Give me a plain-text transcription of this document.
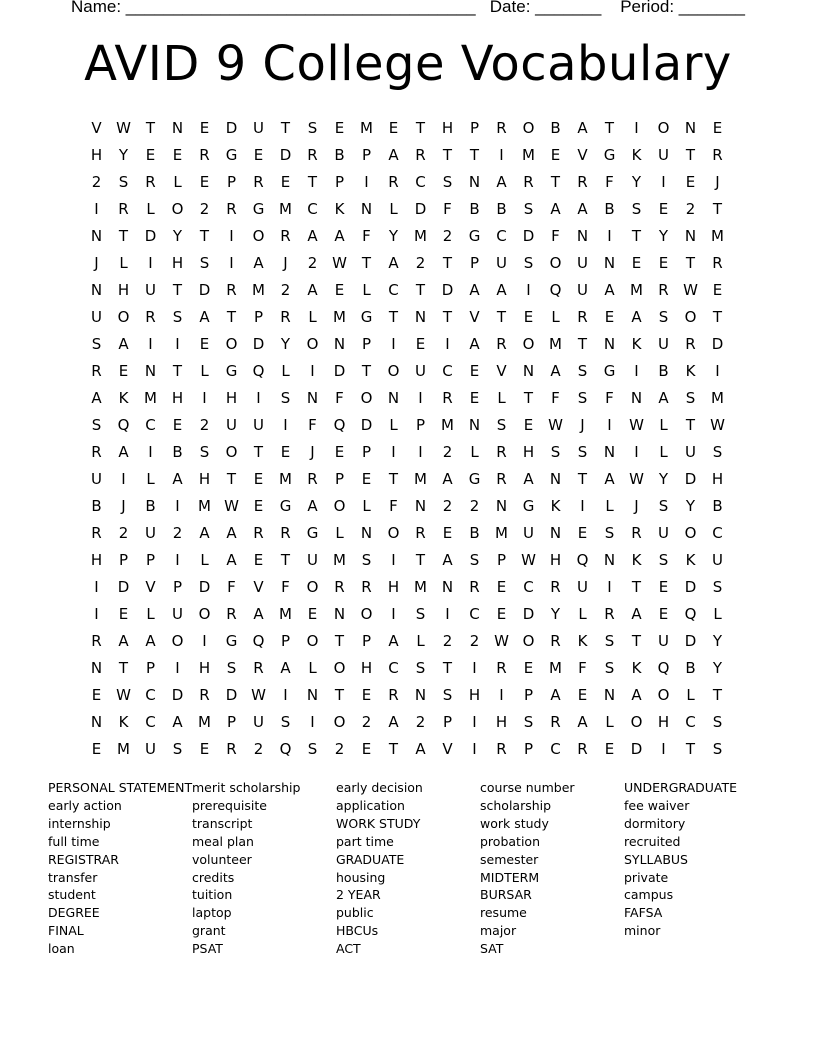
Name: _____________________________________   Date: _______    Period: _______
AVID 9 College Vocabulary
V W T	N	E	D	U	T	S	E	M	E	T	H	P	R	O	B	A	T	I	O	N	E
H	Y	E	E	R	G	E	D	R	B	P	A	R	T	T	I	M	E	V	G	K	U	T	R
2	S	R	L	E	P	R	E	T	P	I	R	C	S	N	A	R	T	R	F	Y	I	E	J
I	R	L	O	2	R	G M	C	K	N	L	D	F	B	B	S	A	A	B	S	E	2	T
N	T	D	Y	T	I	O	R	A	A	F	Y	M	2	G	C	D	F	N	I	T	Y	N M
J	L	I	H	S	I	A	J	2 W T	A	2	T	P	U	S	O	U	N	E	E	T	R
N	H	U	T	D	R	M	2	A	E	L	C	T	D	A	A	I	Q	U	A	M	R W E
U	O	R	S	A	T	P	R	L	M G	T	N	T	V	T	E	L	R	E	A	S	O	T
S	A	I	I	E	O	D	Y	O	N	P	I	E	I	A	R	O M	T	N	K	U	R	D
R	E	N	T	L	G	Q	L	I	D	T	O	U	C	E	V	N	A	S	G	I	B	K	I
A	K	M H	I	H	I	S	N	F	O	N	I	R	E	L	T	F	S	F	N	A	S	M
S	Q	C	E	2	U	U	I	F	Q	D	L	P	M N	S	E W	J	I	W	L	T	W
R	A	I	B	S	O	T	E	J	E	P	I	I	2	L	R	H	S	S	N	I	L	U	S
U	I	L	A	H	T	E	M	R	P	E	T	M	A	G	R	A	N	T	A W Y	D	H
B	J	B	I	M W E	G	A	O	L	F	N	2	2	N	G	K	I	L	J	S	Y	B
R	2	U	2	A	A	R	R	G	L	N	O	R	E	B	M	U	N	E	S	R	U	O	C
H	P	P	I	L	A	E	T	U	M	S	I	T	A	S	P	W H	Q	N	K	S	K	U
I	D	V	P	D	F	V	F	O	R	R	H M N	R	E	C	R	U	I	T	E	D	S
I	E	L	U	O	R	A	M	E	N	O	I	S	I	C	E	D	Y	L	R	A	E	Q	L
R	A	A	O	I	G	Q	P	O	T	P	A	L	2	2 W O	R	K	S	T	U	D	Y
N	T	P	I	H	S	R	A	L	O	H	C	S	T	I	R	E	M	F	S	K	Q	B	Y
E W C	D	R	D W	I	N	T	E	R	N	S	H	I	P	A	E	N	A	O	L	T
N	K	C	A	M	P	U	S	I	O	2	A	2	P	I	H	S	R	A	L	O	H	C	S
E	M	U	S	E	R	2	Q	S	2	E	T	A	V	I	R	P	C	R	E	D	I	T	S
PERSONAL STATEMENT
early action
internship
full time
REGISTRAR
transfer
student
DEGREE
FINAL
loan
merit scholarship
prerequisite
transcript
meal plan
volunteer
credits
tuition
laptop
grant
PSAT
early decision
application
WORK STUDY
part time
GRADUATE
housing
2 YEAR
public
HBCUs
ACT
course number
scholarship
work study
probation
semester
MIDTERM
BURSAR
resume
major
SAT
UNDERGRADUATE
fee waiver
dormitory
recruited
SYLLABUS
private
campus
FAFSA
minor
